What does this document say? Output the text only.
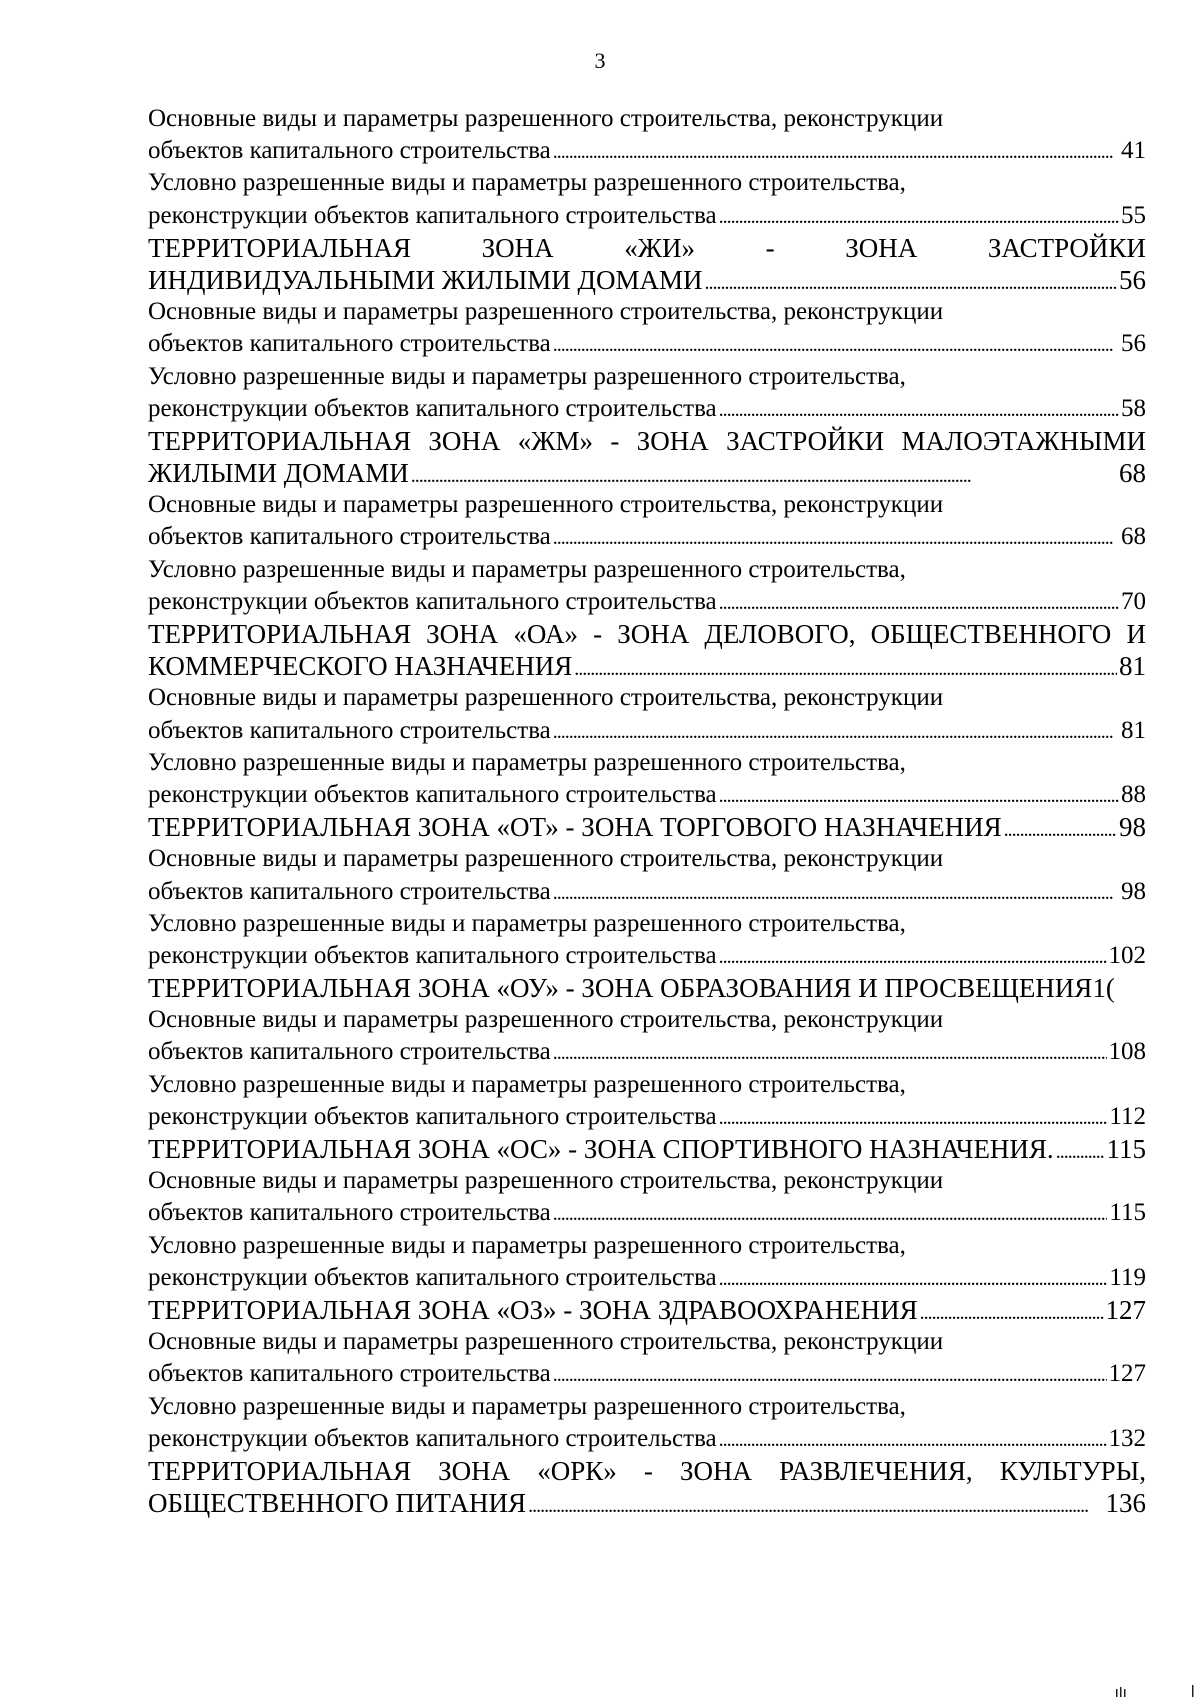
3
Основные виды и параметры разрешенного строительства, реконструкции
объектов капитального строительства . . .	41
Условно разрешенные виды и параметры разрешенного строительства,
реконструкции объектов капитального строительства . . .	55
ТЕРРИТОРИАЛЬНАЯ	ЗОНА	«ЖИ»	-	ЗОНА	ЗАСТРОЙКИ
ИНДИВИДУАЛЬНЫМИ ЖИЛЫМИ ДОМАМИ . . .	56
Основные виды и параметры разрешенного строительства, реконструкции
объектов капитального строительства . . .	56
Условно разрешенные виды и параметры разрешенного строительства,
реконструкции объектов капитального строительства . . .	58
ТЕРРИТОРИАЛЬНАЯ ЗОНА «ЖМ» - ЗОНА ЗАСТРОЙКИ МАЛОЭТАЖНЫМИ
ЖИЛЫМИ ДОМАМИ . . .	68
Основные виды и параметры разрешенного строительства, реконструкции
объектов капитального строительства . . .	68
Условно разрешенные виды и параметры разрешенного строительства,
реконструкции объектов капитального строительства . . .	70
ТЕРРИТОРИАЛЬНАЯ ЗОНА «ОА» - ЗОНА ДЕЛОВОГО, ОБЩЕСТВЕННОГО И
КОММЕРЧЕСКОГО НАЗНАЧЕНИЯ . . .	81
Основные виды и параметры разрешенного строительства, реконструкции
объектов капитального строительства . . .	81
Условно разрешенные виды и параметры разрешенного строительства,
реконструкции объектов капитального строительства . . .	88
ТЕРРИТОРИАЛЬНАЯ ЗОНА «ОТ» - ЗОНА ТОРГОВОГО НАЗНАЧЕНИЯ . . .	98
Основные виды и параметры разрешенного строительства, реконструкции
объектов капитального строительства . . .	98
Условно разрешенные виды и параметры разрешенного строительства,
реконструкции объектов капитального строительства . . .	102
ТЕРРИТОРИАЛЬНАЯ ЗОНА «ОУ» - ЗОНА ОБРАЗОВАНИЯ И ПРОСВЕЩЕНИЯ 1(
Основные виды и параметры разрешенного строительства, реконструкции
объектов капитального строительства . . .	108
Условно разрешенные виды и параметры разрешенного строительства,
реконструкции объектов капитального строительства . . .	112
ТЕРРИТОРИАЛЬНАЯ ЗОНА «ОС» - ЗОНА СПОРТИВНОГО НАЗНАЧЕНИЯ. . . . 115
Основные виды и параметры разрешенного строительства, реконструкции
объектов капитального строительства . . .	115
Условно разрешенные виды и параметры разрешенного строительства,
реконструкции объектов капитального строительства . . .	119
ТЕРРИТОРИАЛЬНАЯ ЗОНА «ОЗ» - ЗОНА ЗДРАВООХРАНЕНИЯ . . .	127
Основные виды и параметры разрешенного строительства, реконструкции
объектов капитального строительства . . .	127
Условно разрешенные виды и параметры разрешенного строительства,
реконструкции объектов капитального строительства . . .	132
ТЕРРИТОРИАЛЬНАЯ ЗОНА «ОРК» - ЗОНА РАЗВЛЕЧЕНИЯ, КУЛЬТУРЫ,
ОБЩЕСТВЕННОГО ПИТАНИЯ . . .	136
